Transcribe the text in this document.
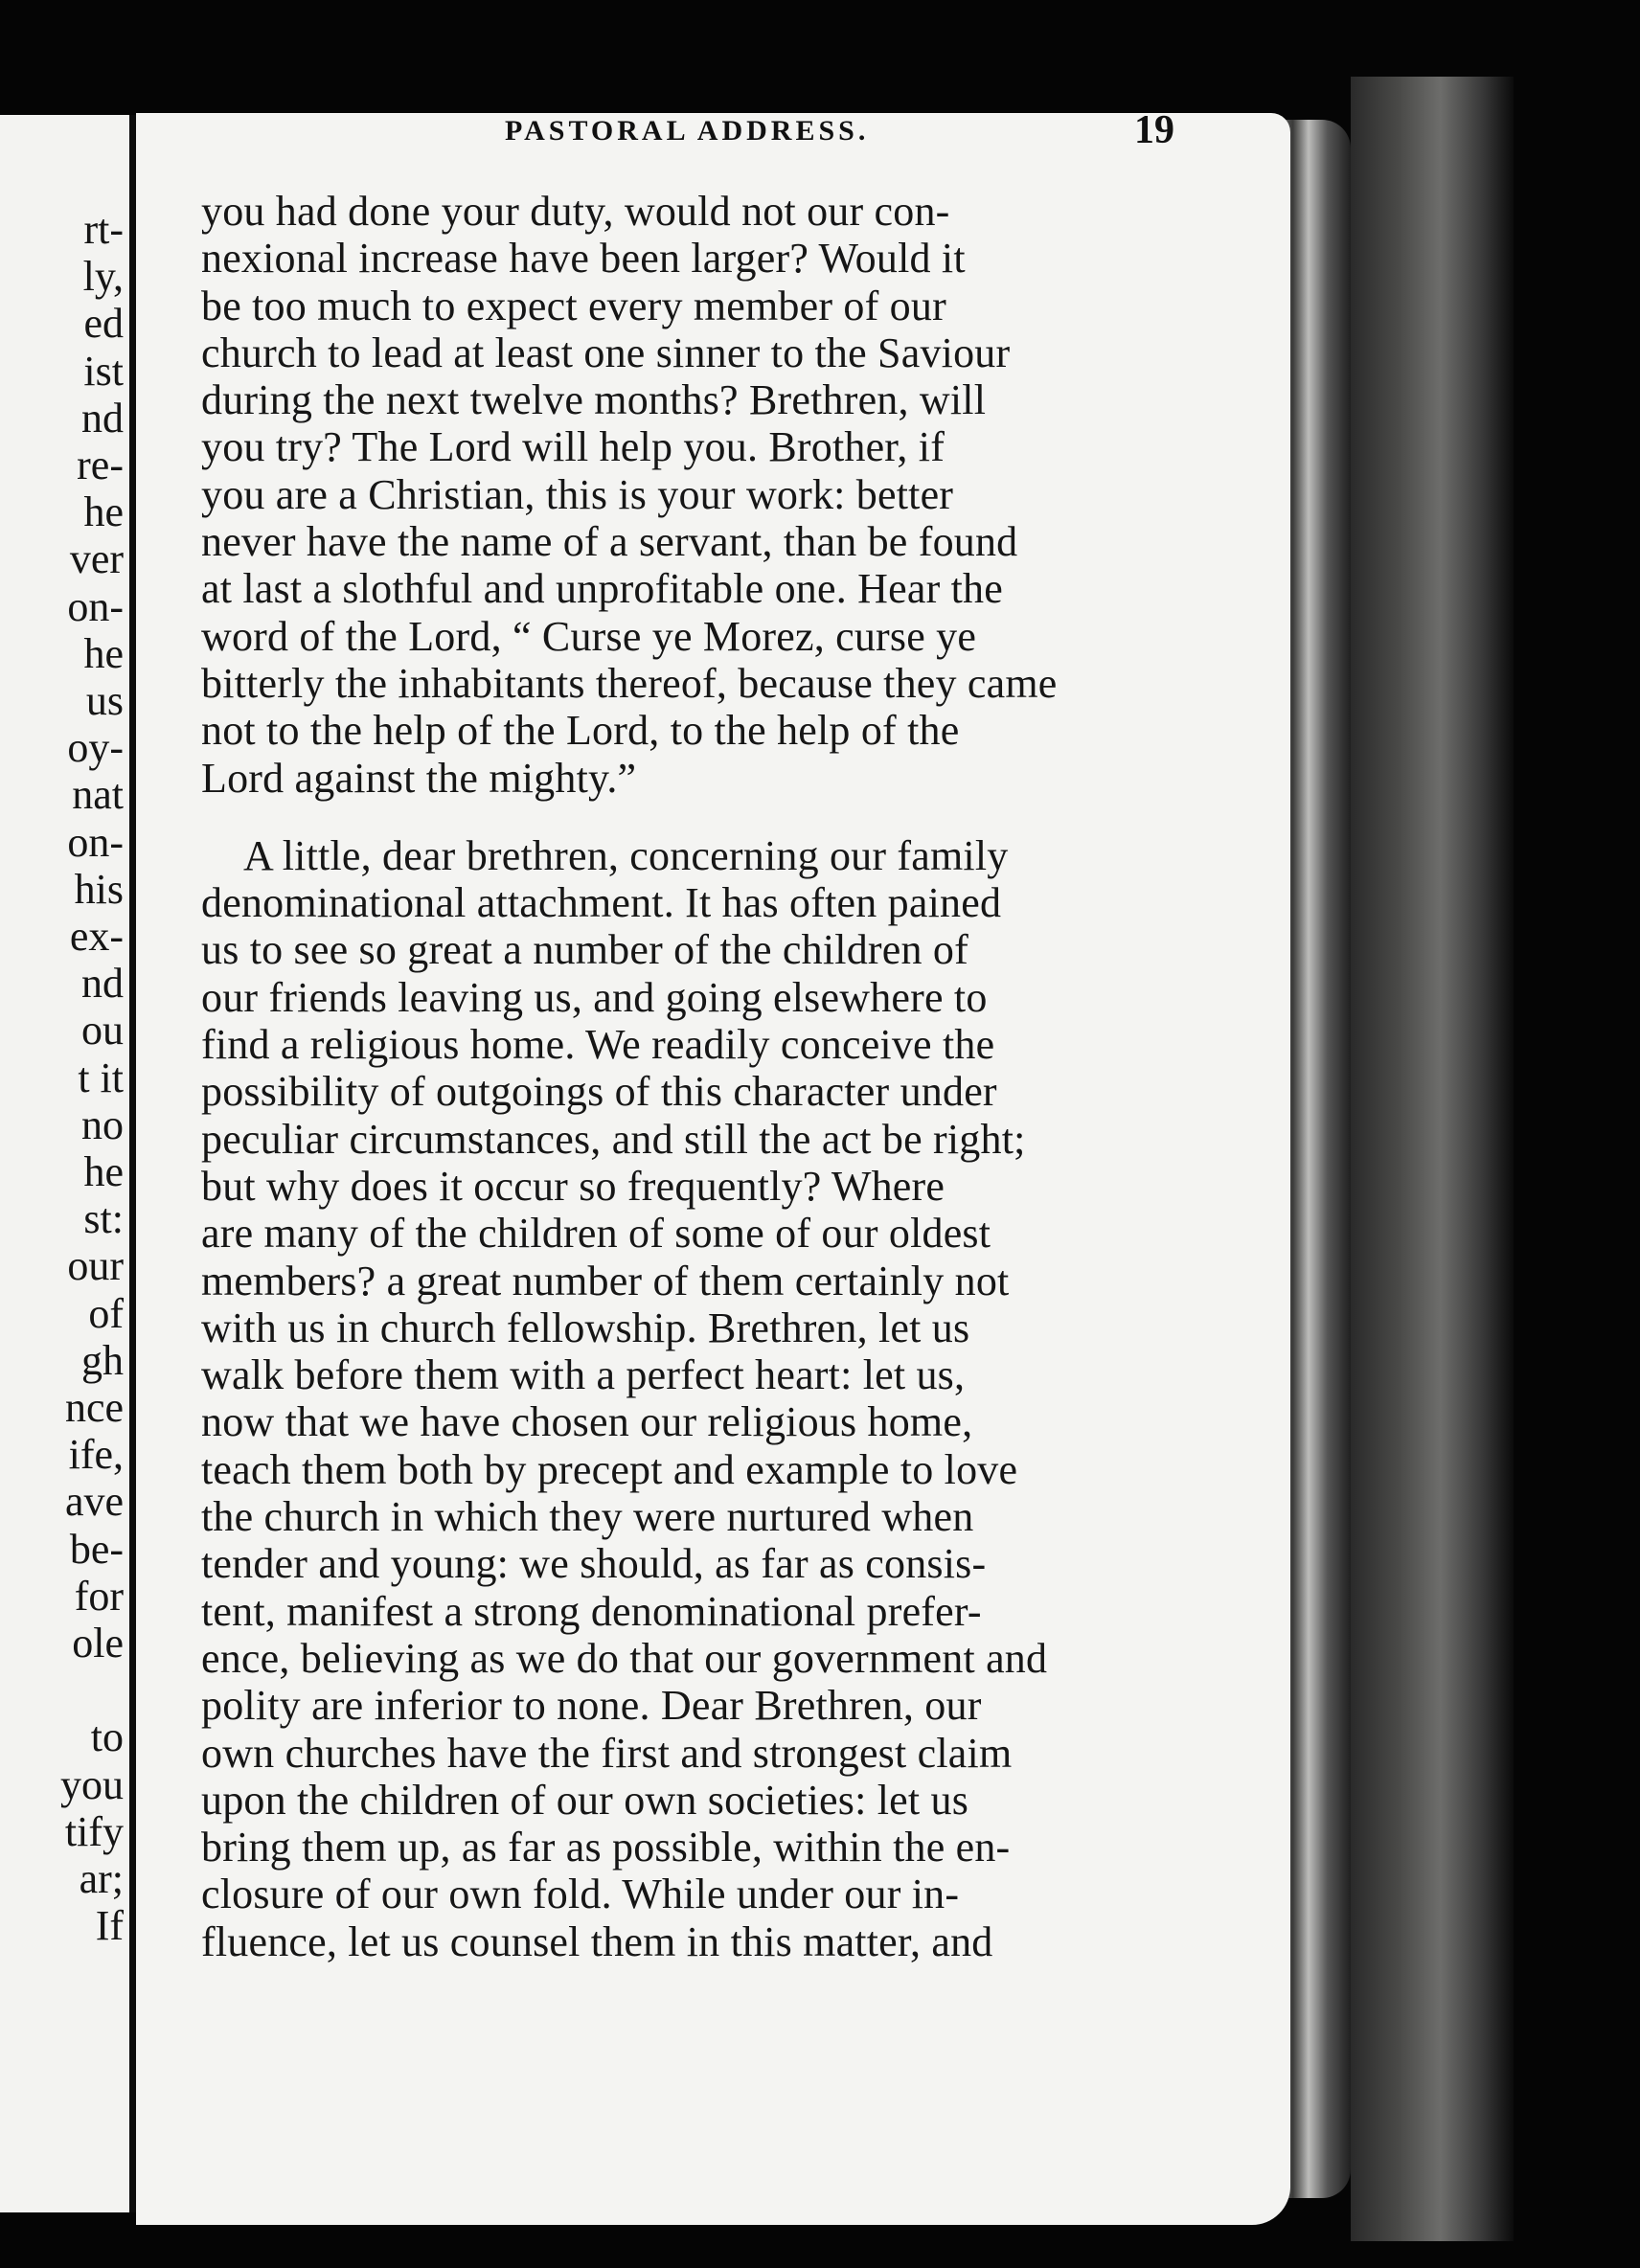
rt-
ly,
ed
ist
nd
re-
he
ver
on-
he
us
oy-
nat
on-
his
ex-
nd
ou
t it
no
he
st:
our
of
gh
nce
ife,
ave
be-
for
ole
to
you
tify
ar;
If

PASTORAL ADDRESS.	19

you had done your duty, would not our con-
nexional increase have been larger? Would it
be too much to expect every member of our
church to lead at least one sinner to the Saviour
during the next twelve months? Brethren, will
you try? The Lord will help you. Brother, if
you are a Christian, this is your work: better
never have the name of a servant, than be found
at last a slothful and unprofitable one. Hear the
word of the Lord, “ Curse ye Morez, curse ye
bitterly the inhabitants thereof, because they came
not to the help of the Lord, to the help of the
Lord against the mighty.”

A little, dear brethren, concerning our family
denominational attachment. It has often pained
us to see so great a number of the children of
our friends leaving us, and going elsewhere to
find a religious home. We readily conceive the
possibility of outgoings of this character under
peculiar circumstances, and still the act be right;
but why does it occur so frequently? Where
are many of the children of some of our oldest
members? a great number of them certainly not
with us in church fellowship. Brethren, let us
walk before them with a perfect heart: let us,
now that we have chosen our religious home,
teach them both by precept and example to love
the church in which they were nurtured when
tender and young: we should, as far as consis-
tent, manifest a strong denominational prefer-
ence, believing as we do that our government and
polity are inferior to none. Dear Brethren, our
own churches have the first and strongest claim
upon the children of our own societies: let us
bring them up, as far as possible, within the en-
closure of our own fold. While under our in-
fluence, let us counsel them in this matter, and
